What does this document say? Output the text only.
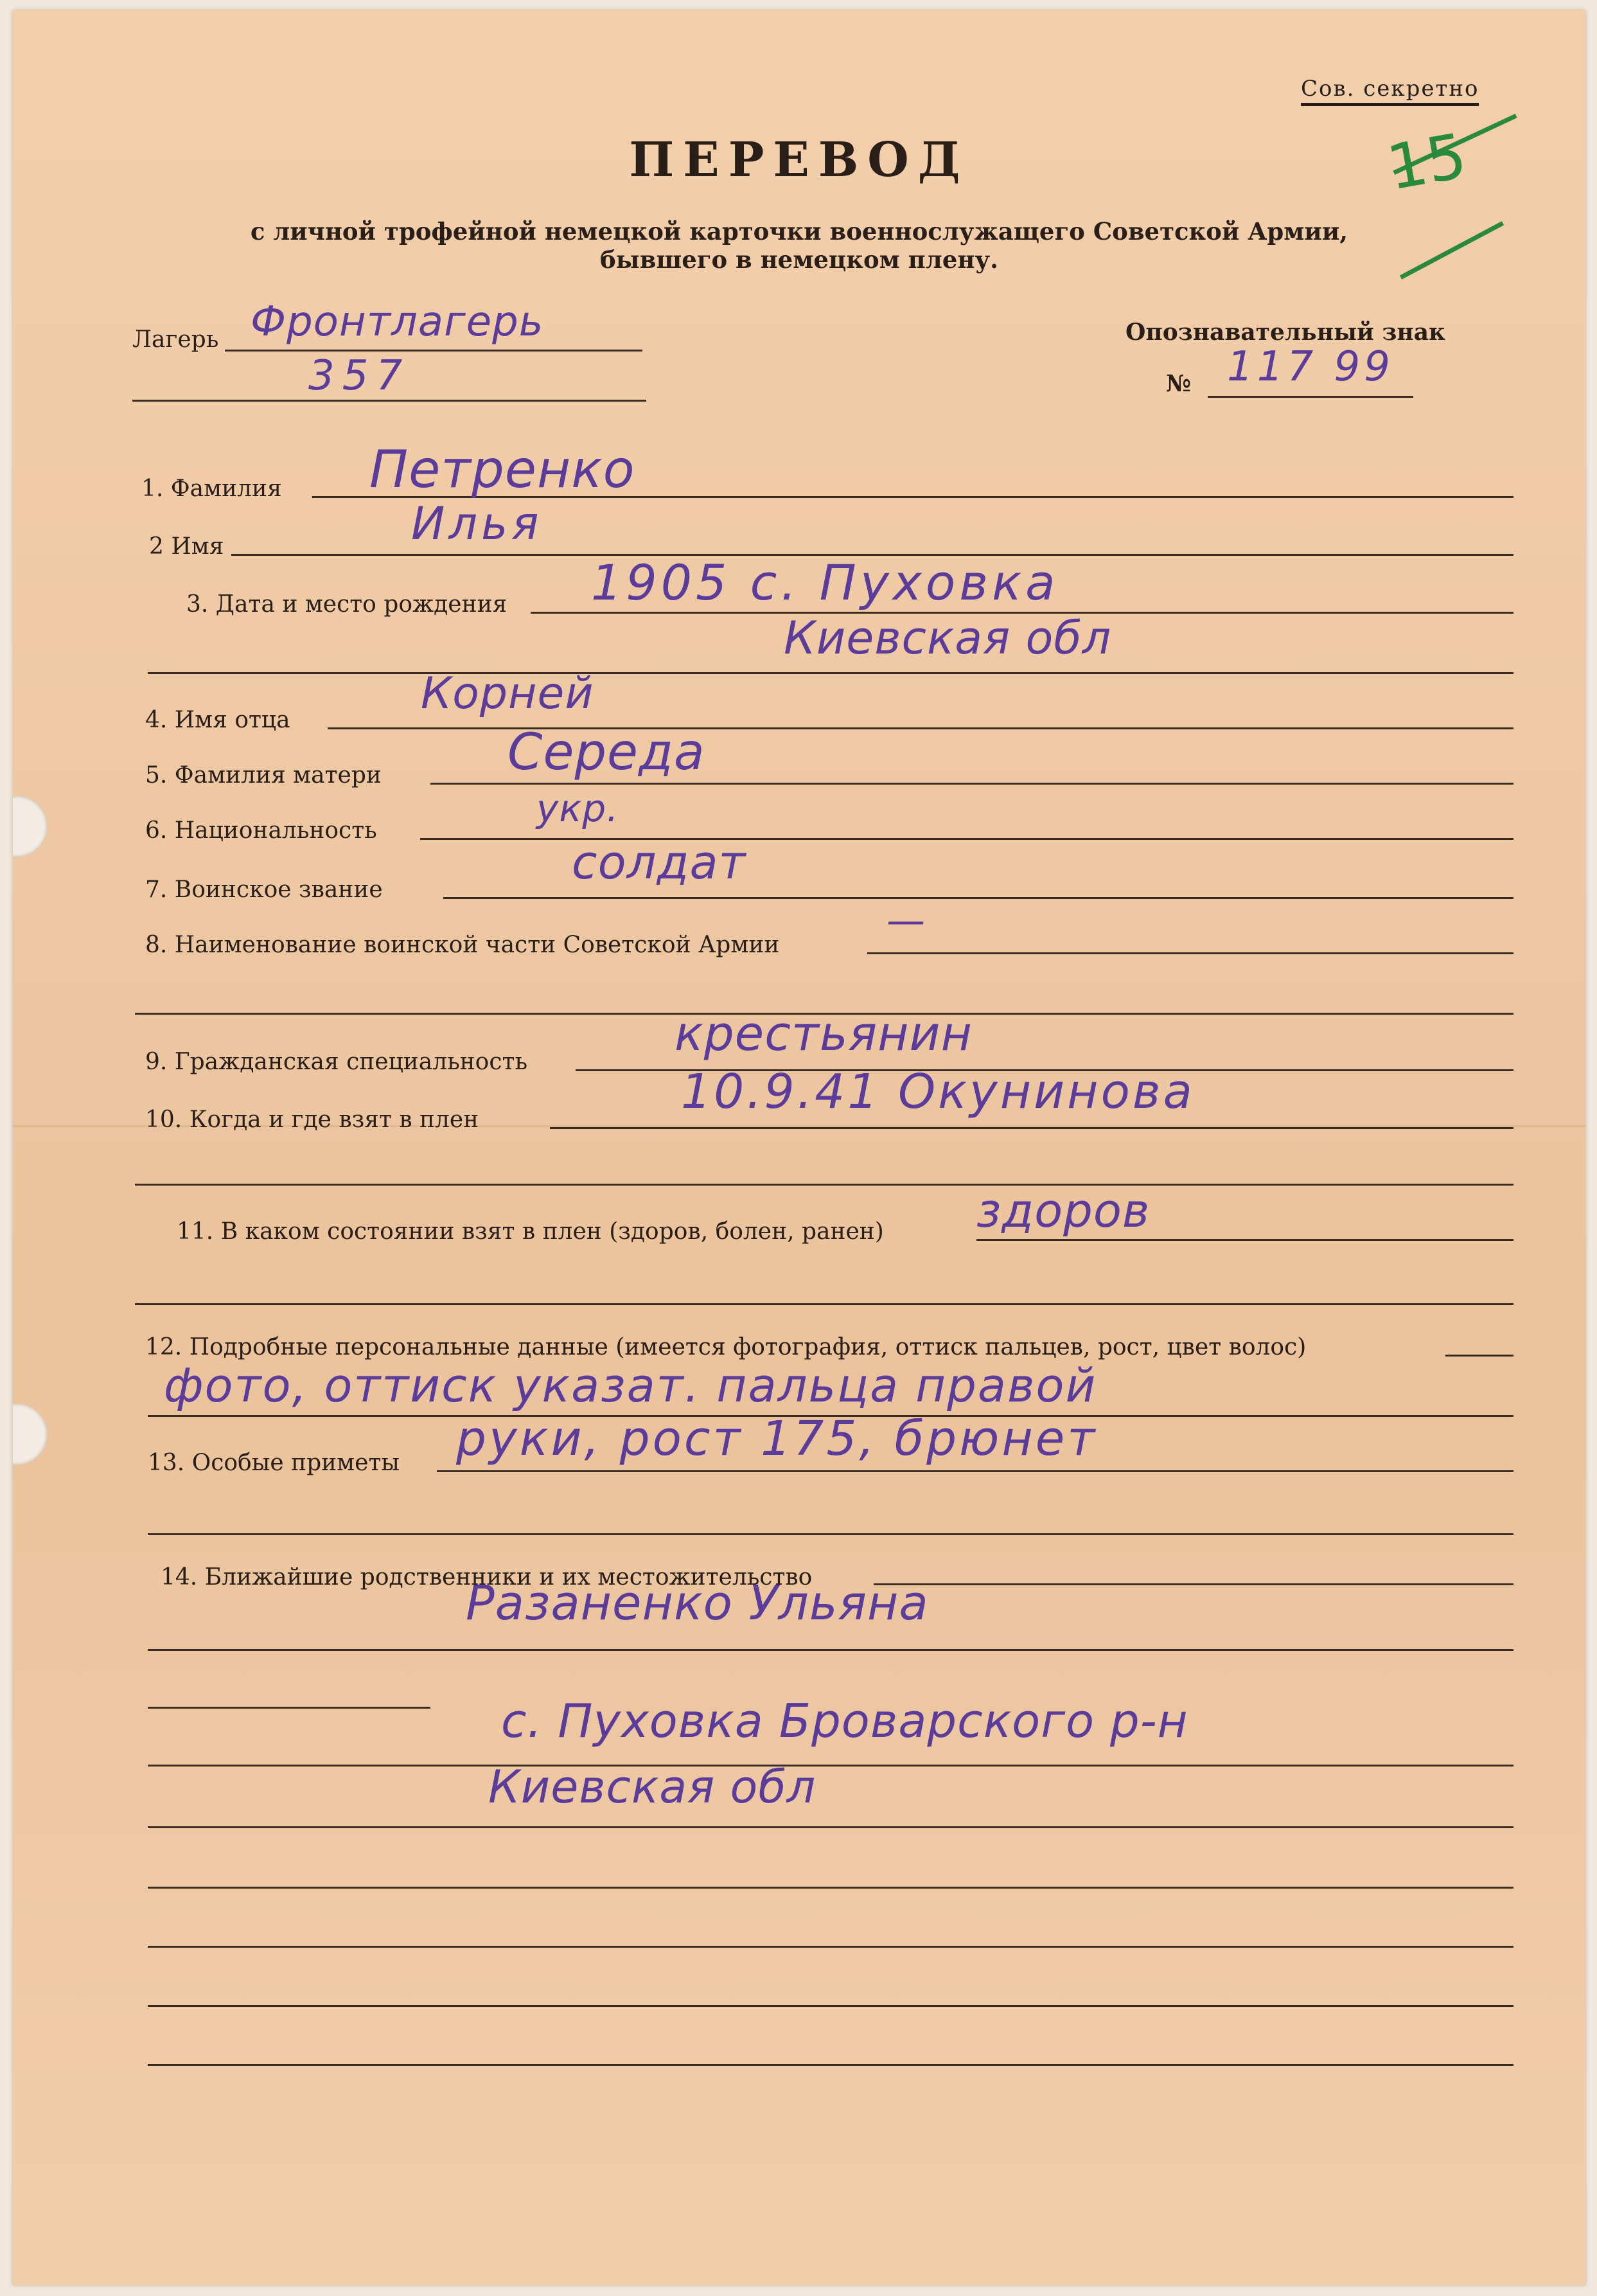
Сов. секретно
ПЕРЕВОД
с личной трофейной немецкой карточки военнослужащего Советской Армии,
бывшего в немецком плену.
15
Лагерь Фронтлагерь
357
Опознавательный знак
№ 117 99
1. Фамилия Петренко
2 Имя	Илья
3. Дата и место рождения 1905 с. Пуховка
Киевская обл
4. Имя отца
Корней
5. Фамилия матери	Середа
6. Национальность
укр.
7. Воинское звание
солдат
8. Наименование воинской части Советской Армии
—
9. Гражданская специальность
крестьянин
10. Когда и где взят в плен
10.9.41 Окунинова
11. В каком состоянии взят в плен (здоров, болен, ранен) здоров
12. Подробные персональные данные (имеется фотография, оттиск пальцев, рост, цвет волос)
фото, оттиск указат. пальца правой
13. Особые приметы руки, рост 175, брюнет
14. Ближайшие родственники и их местожительство
Разаненко Ульяна
с. Пуховка Броварского р-н
Киевская обл
